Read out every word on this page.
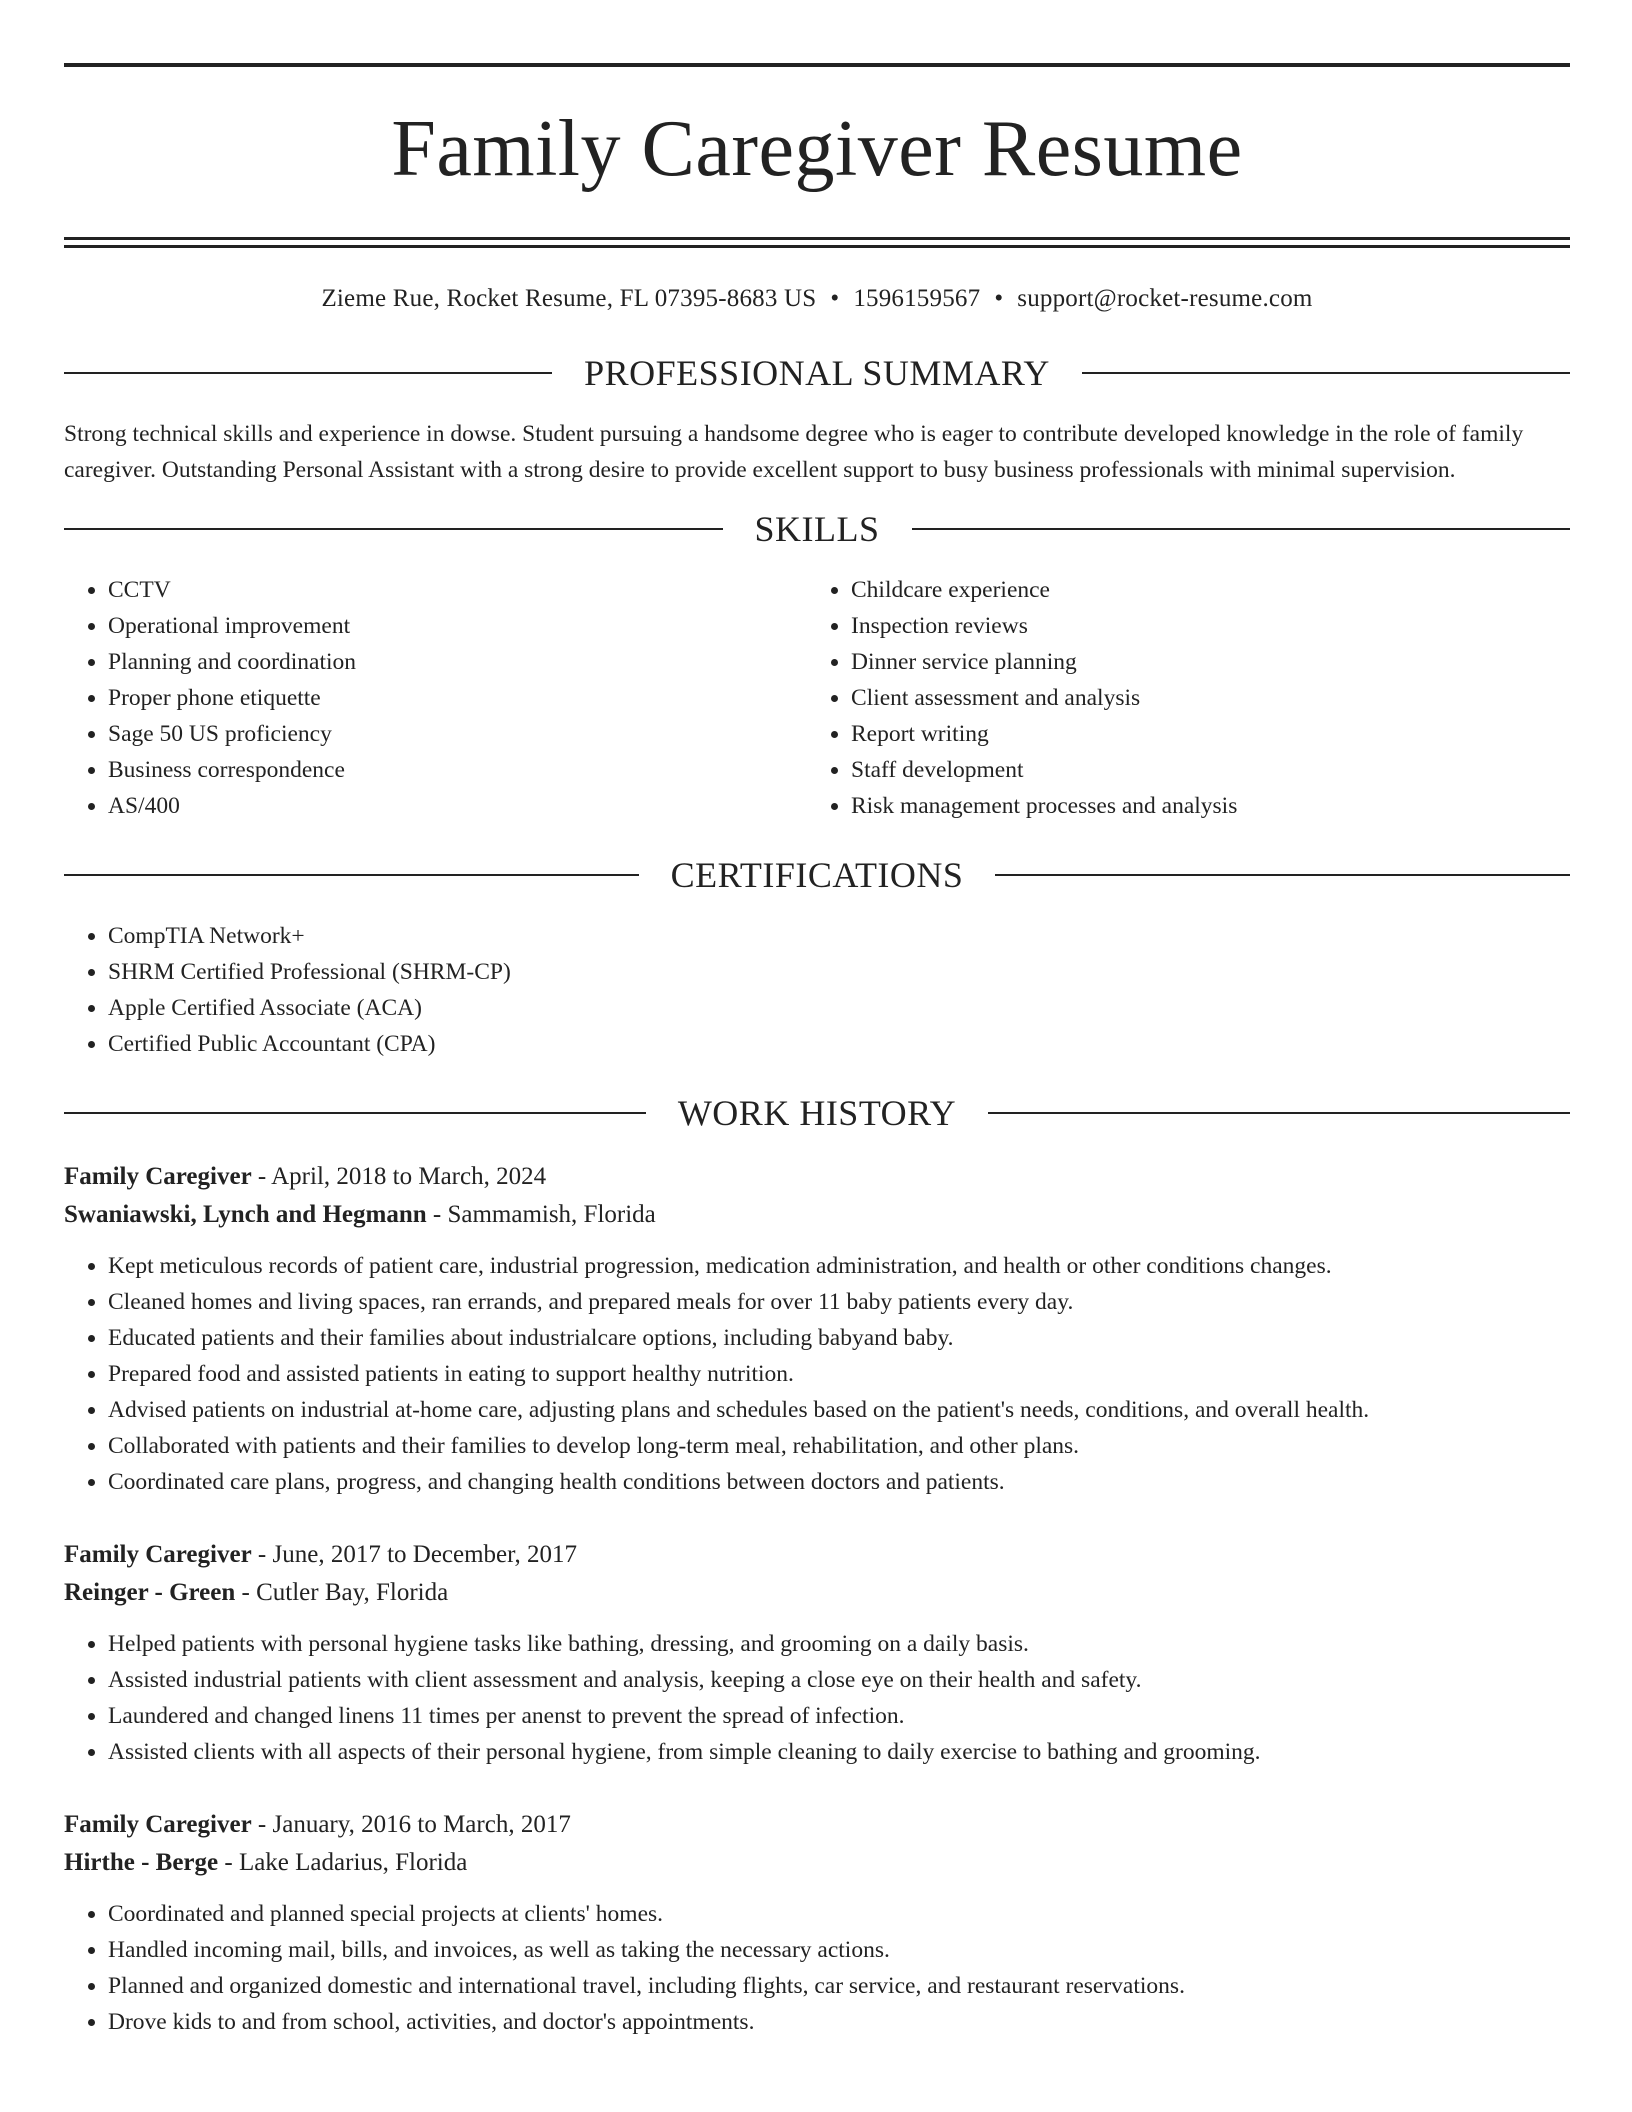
Family Caregiver Resume
Zieme Rue, Rocket Resume, FL 07395-8683 US • 1596159567 • support@rocket-resume.com
PROFESSIONAL SUMMARY

Strong technical skills and experience in dowse. Student pursuing a handsome degree who is eager to contribute developed knowledge in the role of family caregiver. Outstanding Personal Assistant with a strong desire to provide excellent support to busy business professionals with minimal supervision.

SKILLS
• CCTV
• Operational improvement
• Planning and coordination
• Proper phone etiquette
• Sage 50 US proficiency
• Business correspondence
• AS/400
• Childcare experience
• Inspection reviews
• Dinner service planning
• Client assessment and analysis
• Report writing
• Staff development
• Risk management processes and analysis
CERTIFICATIONS
• CompTIA Network+
• SHRM Certified Professional (SHRM-CP)
• Apple Certified Associate (ACA)
• Certified Public Accountant (CPA)
WORK HISTORY
Family Caregiver - April, 2018 to March, 2024
Swaniawski, Lynch and Hegmann - Sammamish, Florida
• Kept meticulous records of patient care, industrial progression, medication administration, and health or other conditions changes.
• Cleaned homes and living spaces, ran errands, and prepared meals for over 11 baby patients every day.
• Educated patients and their families about industrialcare options, including babyand baby.
• Prepared food and assisted patients in eating to support healthy nutrition.
• Advised patients on industrial at-home care, adjusting plans and schedules based on the patient's needs, conditions, and overall health.
• Collaborated with patients and their families to develop long-term meal, rehabilitation, and other plans.
• Coordinated care plans, progress, and changing health conditions between doctors and patients.
Family Caregiver - June, 2017 to December, 2017
Reinger - Green - Cutler Bay, Florida
• Helped patients with personal hygiene tasks like bathing, dressing, and grooming on a daily basis.
• Assisted industrial patients with client assessment and analysis, keeping a close eye on their health and safety.
• Laundered and changed linens 11 times per anenst to prevent the spread of infection.
• Assisted clients with all aspects of their personal hygiene, from simple cleaning to daily exercise to bathing and grooming.
Family Caregiver - January, 2016 to March, 2017
Hirthe - Berge - Lake Ladarius, Florida
• Coordinated and planned special projects at clients' homes.
• Handled incoming mail, bills, and invoices, as well as taking the necessary actions.
• Planned and organized domestic and international travel, including flights, car service, and restaurant reservations.
• Drove kids to and from school, activities, and doctor's appointments.
